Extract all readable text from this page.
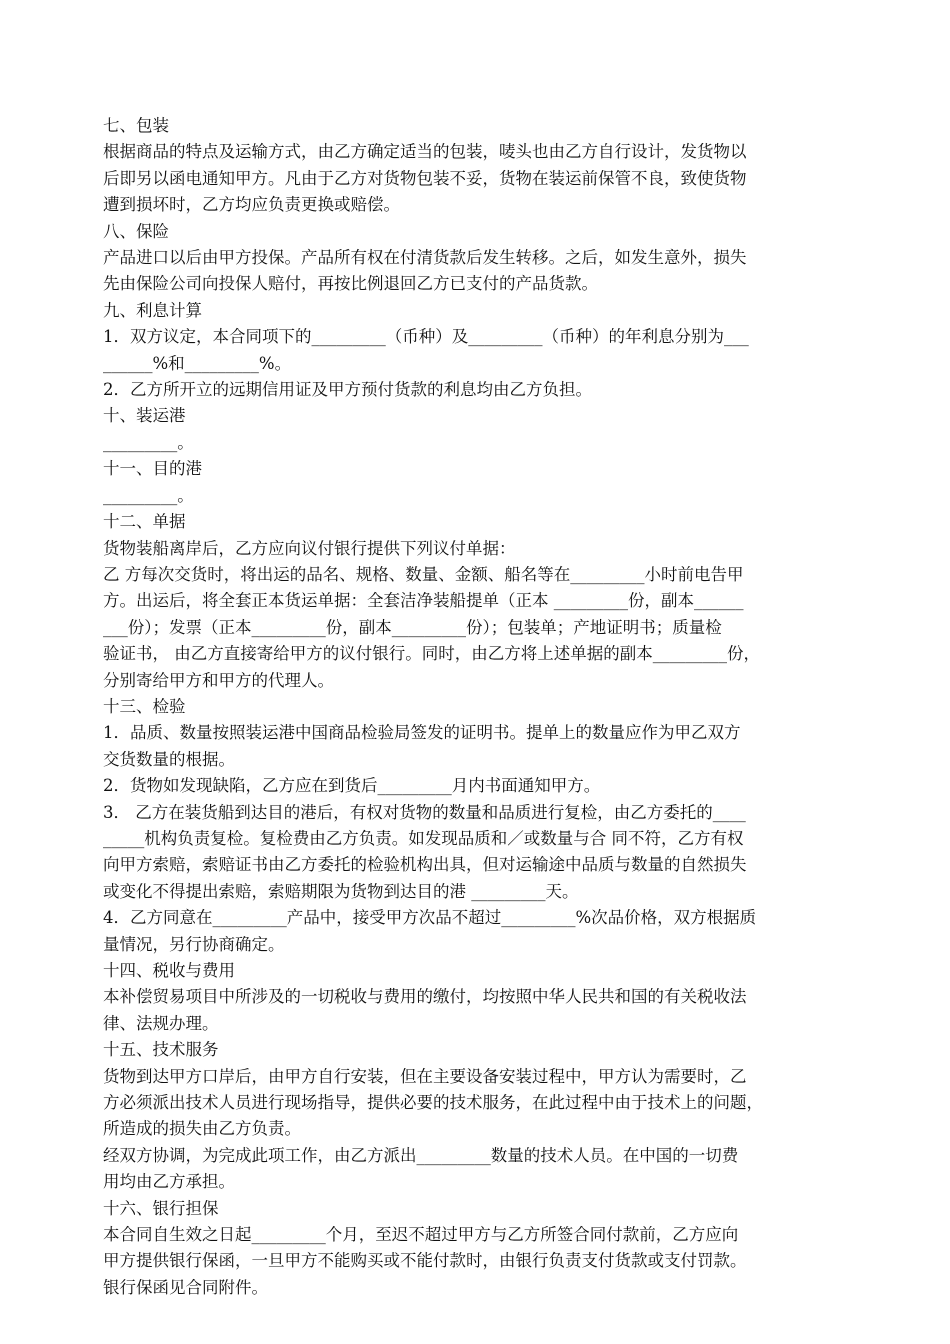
七、包装

根据商品的特点及运输方式，由乙方确定适当的包装，唛头也由乙方自行设计，发货物以

后即另以函电通知甲方。凡由于乙方对货物包装不妥，货物在装运前保管不良，致使货物

遭到损坏时，乙方均应负责更换或赔偿。

八、保险

产品进口以后由甲方投保。产品所有权在付清货款后发生转移。之后，如发生意外，损失

先由保险公司向投保人赔付，再按比例退回乙方已支付的产品货款。

九、利息计算

1．双方议定，本合同项下的_________（币种）及_________（币种）的年利息分别为___

______%和_________%。

2．乙方所开立的远期信用证及甲方预付货款的利息均由乙方负担。

十、装运港

_________。

十一、目的港

_________。

十二、单据

货物装船离岸后，乙方应向议付银行提供下列议付单据：

乙 方每次交货时，将出运的品名、规格、数量、金额、船名等在_________小时前电告甲

方。出运后，将全套正本货运单据：全套洁净装船提单（正本 _________份，副本______

___份）；发票（正本_________份，副本_________份）；包装单；产地证明书；质量检

验证书， 由乙方直接寄给甲方的议付银行。同时，由乙方将上述单据的副本_________份，

分别寄给甲方和甲方的代理人。

十三、检验

1．品质、数量按照装运港中国商品检验局签发的证明书。提单上的数量应作为甲乙双方

交货数量的根据。

2．货物如发现缺陷，乙方应在到货后_________月内书面通知甲方。

3． 乙方在装货船到达目的港后，有权对货物的数量和品质进行复检，由乙方委托的____

_____机构负责复检。复检费由乙方负责。如发现品质和／或数量与合 同不符，乙方有权

向甲方索赔，索赔证书由乙方委托的检验机构出具，但对运输途中品质与数量的自然损失

或变化不得提出索赔，索赔期限为货物到达目的港 _________天。

4．乙方同意在_________产品中，接受甲方次品不超过_________%次品价格，双方根据质

量情况，另行协商确定。

十四、税收与费用

本补偿贸易项目中所涉及的一切税收与费用的缴付，均按照中华人民共和国的有关税收法

律、法规办理。

十五、技术服务

货物到达甲方口岸后，由甲方自行安装，但在主要设备安装过程中，甲方认为需要时，乙

方必须派出技术人员进行现场指导，提供必要的技术服务，在此过程中由于技术上的问题，

所造成的损失由乙方负责。

经双方协调，为完成此项工作，由乙方派出_________数量的技术人员。在中国的一切费

用均由乙方承担。

十六、银行担保

本合同自生效之日起_________个月，至迟不超过甲方与乙方所签合同付款前，乙方应向

甲方提供银行保函，一旦甲方不能购买或不能付款时，由银行负责支付货款或支付罚款。

银行保函见合同附件。
